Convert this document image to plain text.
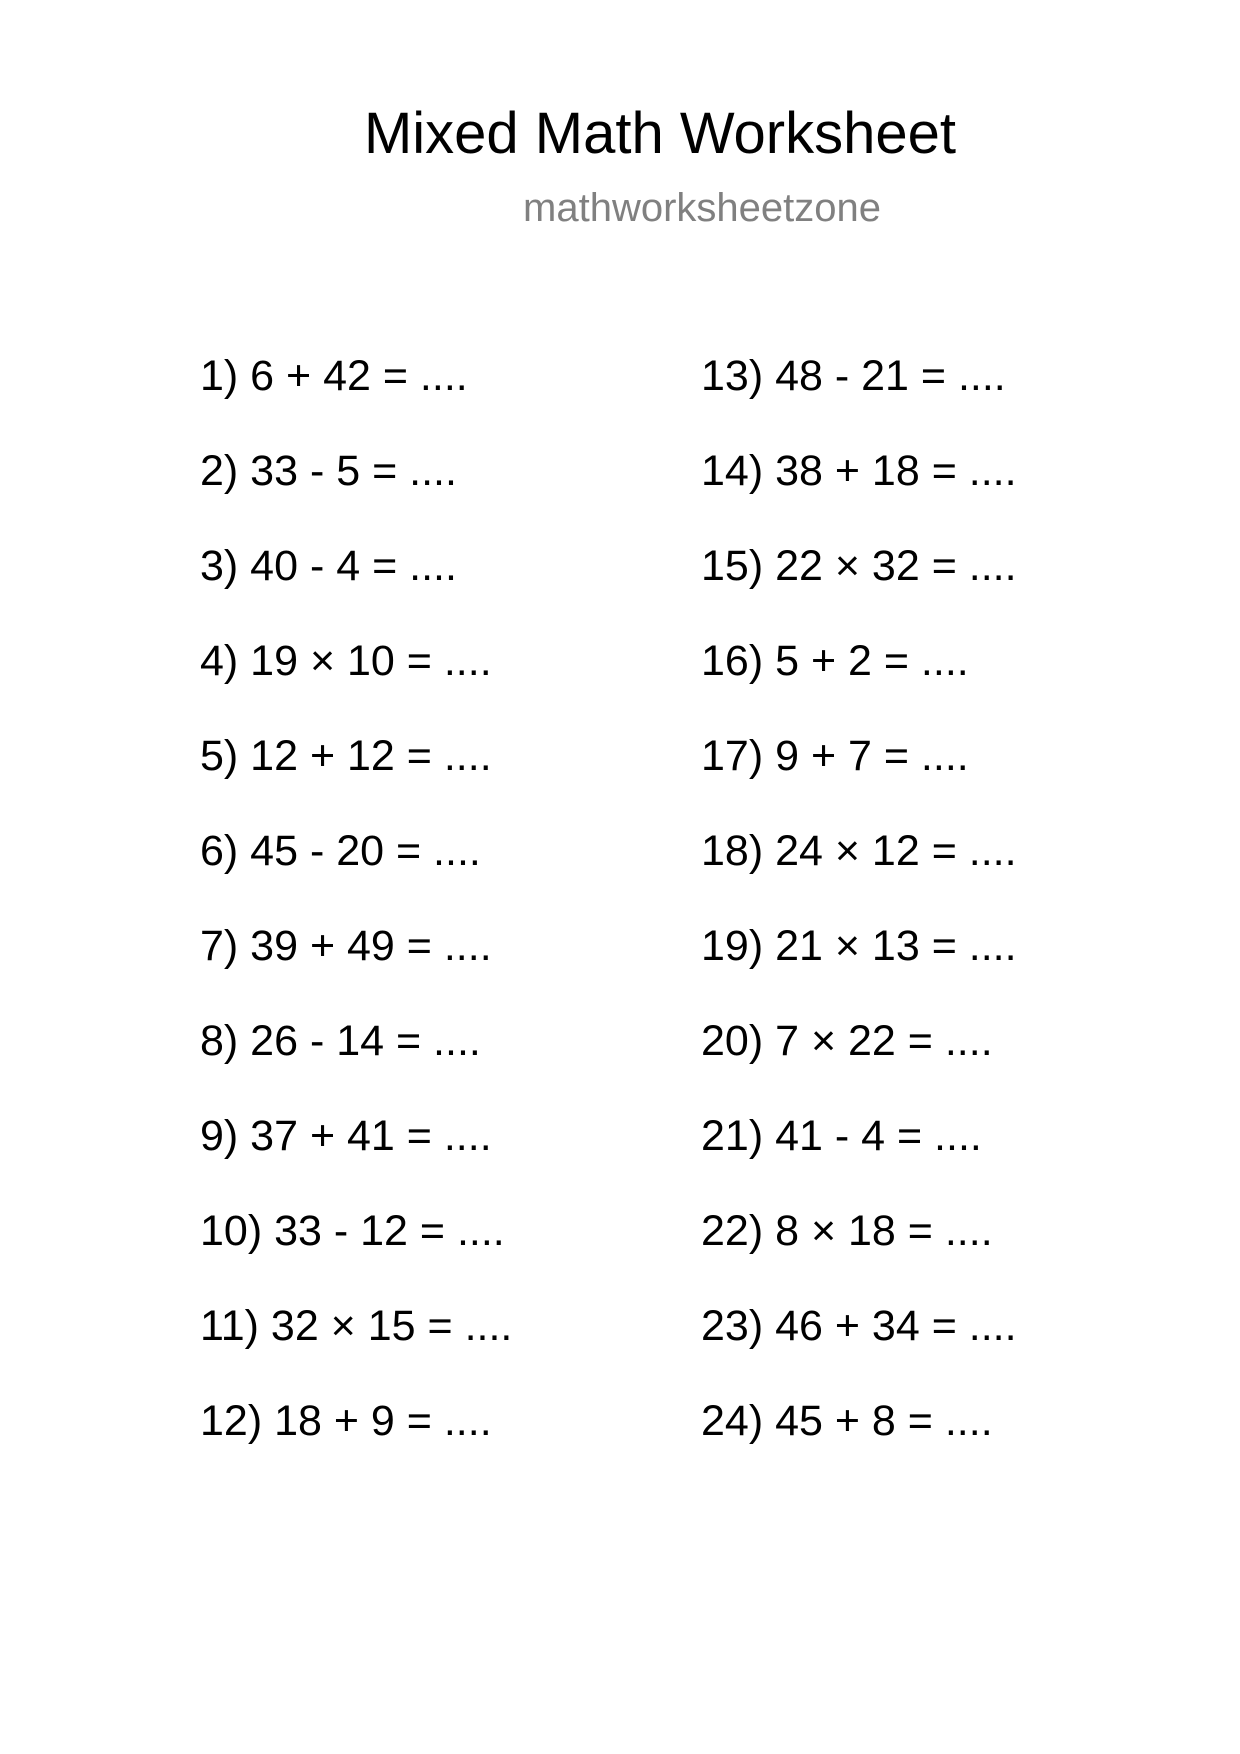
Mixed Math Worksheet
mathworksheetzone
1) 6 + 42 = ....
2) 33 - 5 = ....
3) 40 - 4 = ....
4) 19 × 10 = ....
5) 12 + 12 = ....
6) 45 - 20 = ....
7) 39 + 49 = ....
8) 26 - 14 = ....
9) 37 + 41 = ....
10) 33 - 12 = ....
11) 32 × 15 = ....
12) 18 + 9 = ....
13) 48 - 21 = ....
14) 38 + 18 = ....
15) 22 × 32 = ....
16) 5 + 2 = ....
17) 9 + 7 = ....
18) 24 × 12 = ....
19) 21 × 13 = ....
20) 7 × 22 = ....
21) 41 - 4 = ....
22) 8 × 18 = ....
23) 46 + 34 = ....
24) 45 + 8 = ....
